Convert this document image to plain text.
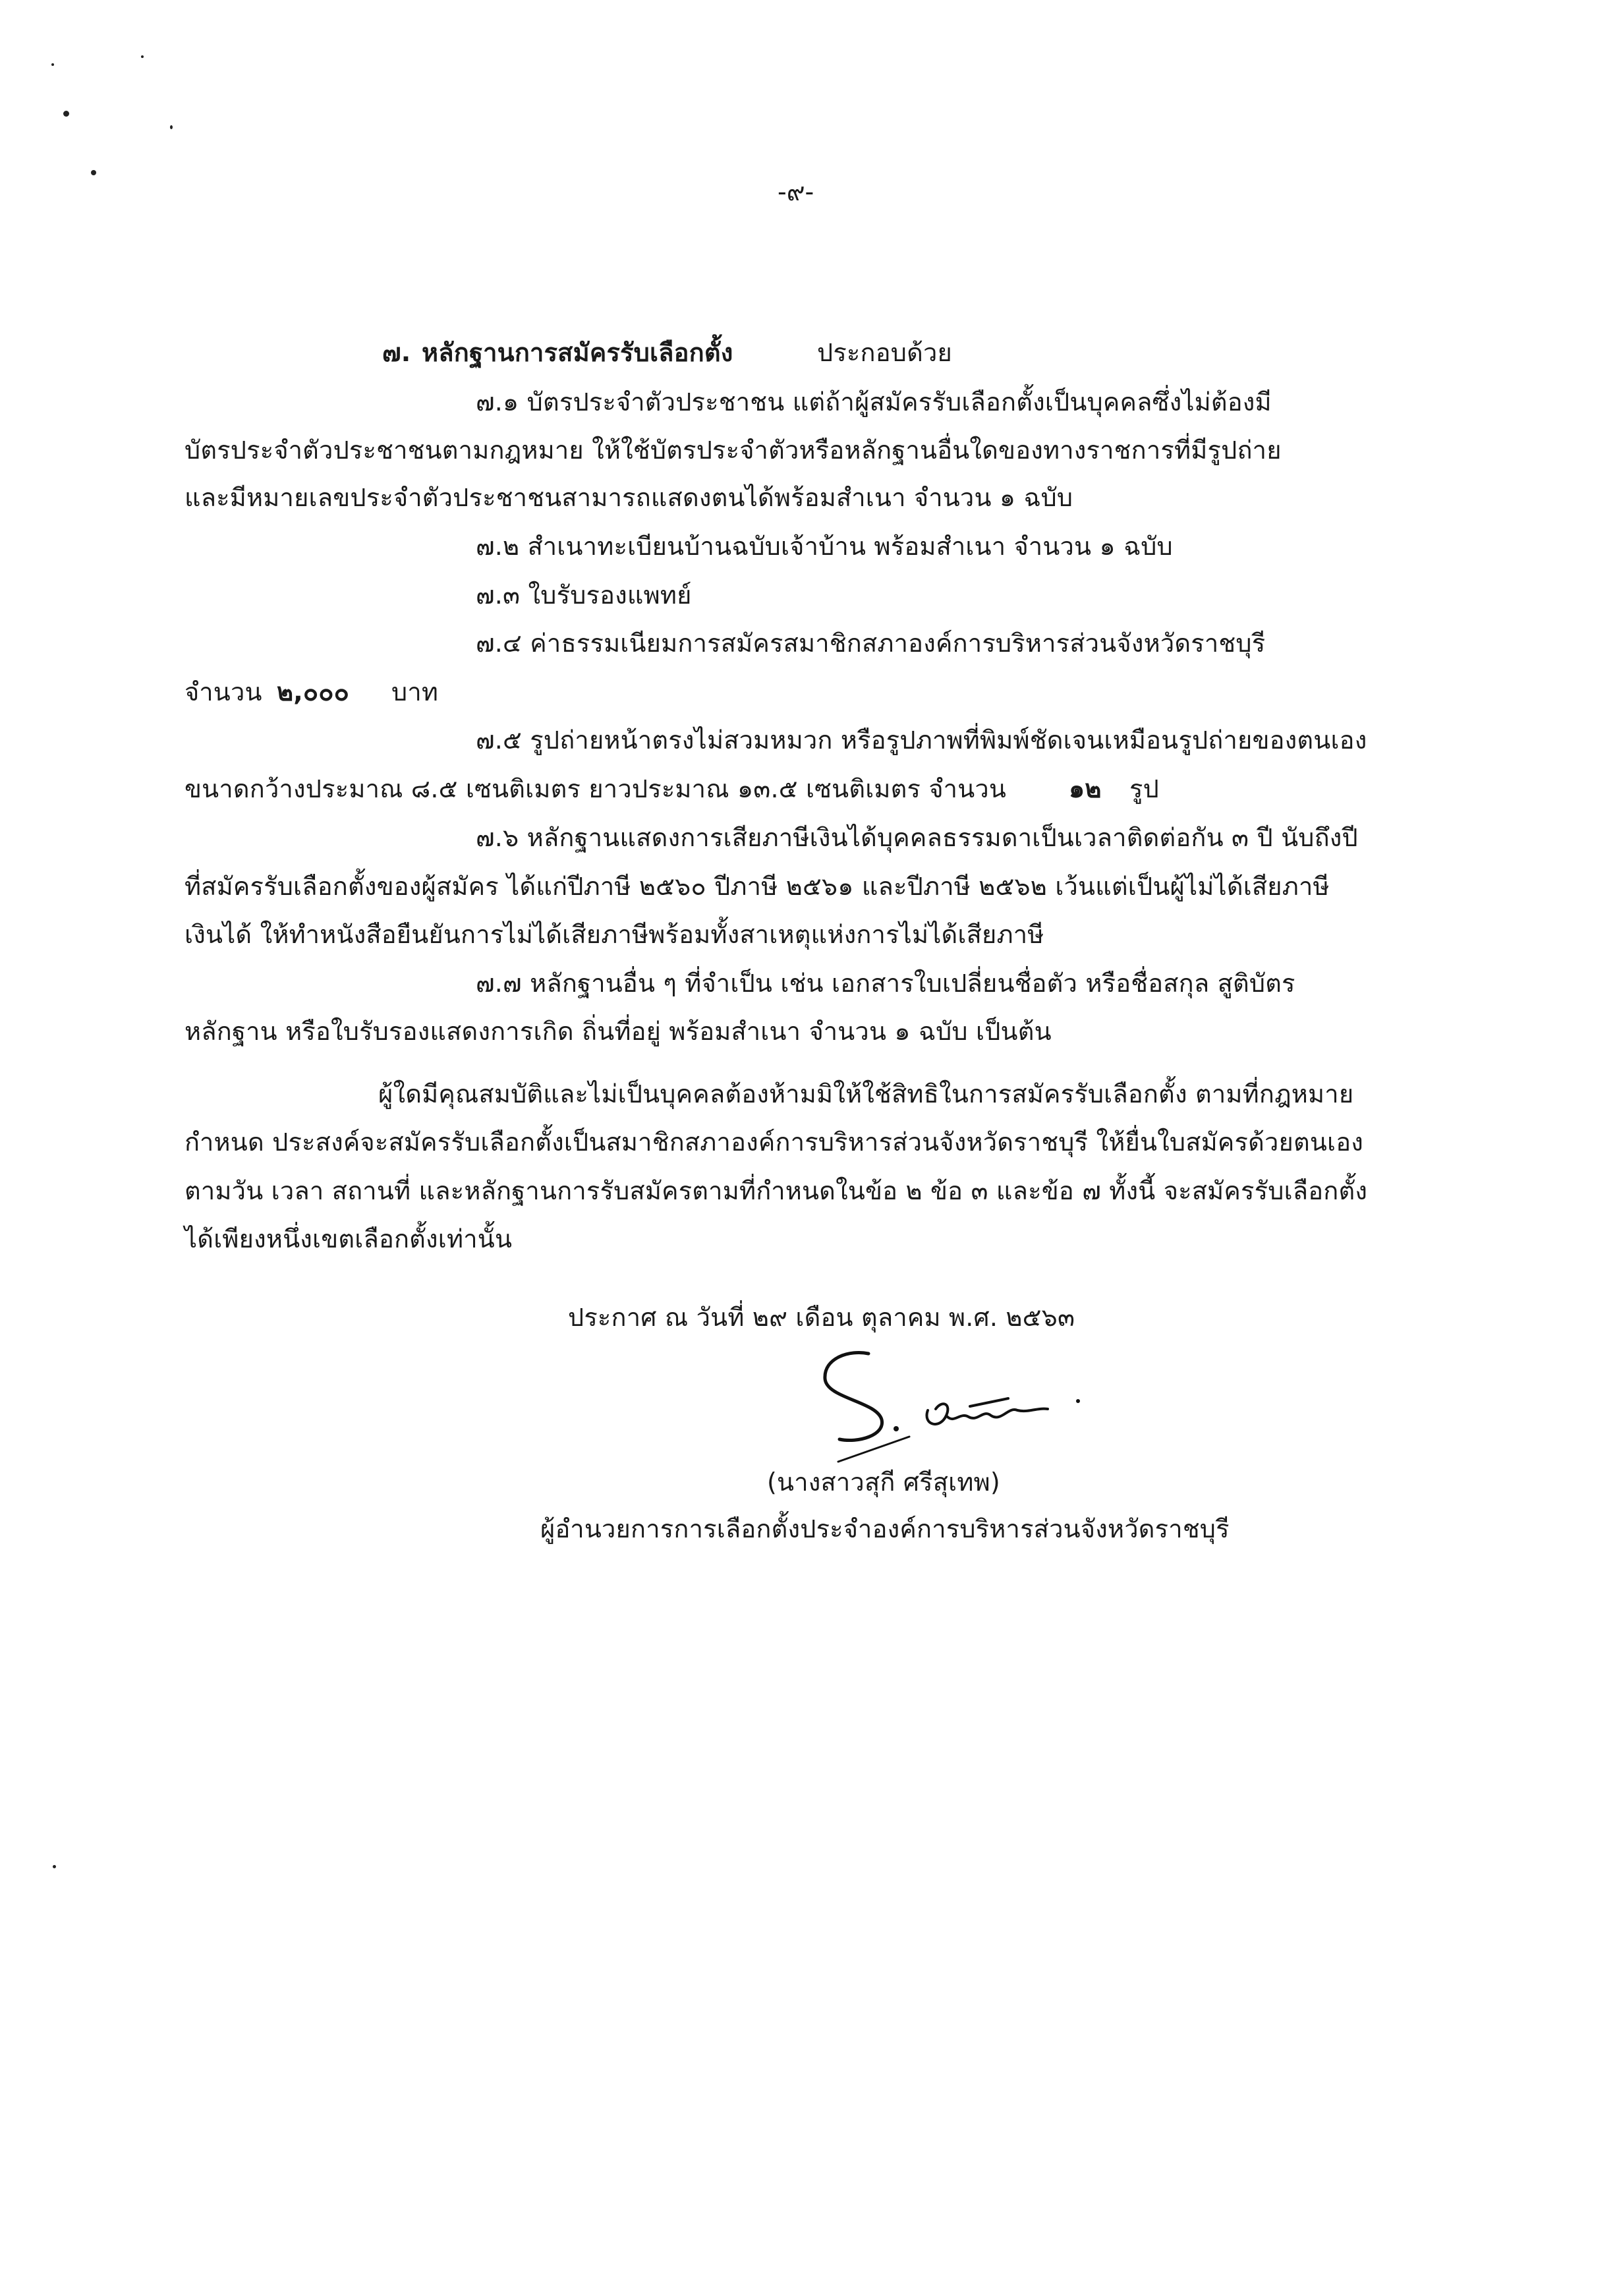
-๙-
๗. หลักฐานการสมัครรับเลือกตั้ง	ประกอบด้วย
๗.๑ บัตรประจำตัวประชาชน แต่ถ้าผู้สมัครรับเลือกตั้งเป็นบุคคลซึ่งไม่ต้องมี
บัตรประจำตัวประชาชนตามกฎหมาย ให้ใช้บัตรประจำตัวหรือหลักฐานอื่นใดของทางราชการที่มีรูปถ่าย
และมีหมายเลขประจำตัวประชาชนสามารถแสดงตนได้พร้อมสำเนา จำนวน ๑ ฉบับ
๗.๒ สำเนาทะเบียนบ้านฉบับเจ้าบ้าน พร้อมสำเนา จำนวน ๑ ฉบับ
๗.๓ ใบรับรองแพทย์
๗.๔ ค่าธรรมเนียมการสมัครสมาชิกสภาองค์การบริหารส่วนจังหวัดราชบุรี
จำนวน ๒,๐๐๐ บาท
๗.๕ รูปถ่ายหน้าตรงไม่สวมหมวก หรือรูปภาพที่พิมพ์ชัดเจนเหมือนรูปถ่ายของตนเอง
ขนาดกว้างประมาณ ๘.๕ เซนติเมตร ยาวประมาณ ๑๓.๕ เซนติเมตร จำนวน ๑๒ รูป
๗.๖ หลักฐานแสดงการเสียภาษีเงินได้บุคคลธรรมดาเป็นเวลาติดต่อกัน ๓ ปี นับถึงปี
ที่สมัครรับเลือกตั้งของผู้สมัคร ได้แก่ปีภาษี ๒๕๖๐ ปีภาษี ๒๕๖๑ และปีภาษี ๒๕๖๒ เว้นแต่เป็นผู้ไม่ได้เสียภาษี
เงินได้ ให้ทำหนังสือยืนยันการไม่ได้เสียภาษีพร้อมทั้งสาเหตุแห่งการไม่ได้เสียภาษี
๗.๗ หลักฐานอื่น ๆ ที่จำเป็น เช่น เอกสารใบเปลี่ยนชื่อตัว หรือชื่อสกุล สูติบัตร
หลักฐาน หรือใบรับรองแสดงการเกิด ถิ่นที่อยู่ พร้อมสำเนา จำนวน ๑ ฉบับ เป็นต้น
ผู้ใดมีคุณสมบัติและไม่เป็นบุคคลต้องห้ามมิให้ใช้สิทธิในการสมัครรับเลือกตั้ง ตามที่กฎหมาย
กำหนด ประสงค์จะสมัครรับเลือกตั้งเป็นสมาชิกสภาองค์การบริหารส่วนจังหวัดราชบุรี ให้ยื่นใบสมัครด้วยตนเอง
ตามวัน เวลา สถานที่ และหลักฐานการรับสมัครตามที่กำหนดในข้อ ๒ ข้อ ๓ และข้อ ๗ ทั้งนี้ จะสมัครรับเลือกตั้ง
ได้เพียงหนึ่งเขตเลือกตั้งเท่านั้น
ประกาศ ณ วันที่ ๒๙ เดือน ตุลาคม พ.ศ. ๒๕๖๓
(นางสาวสุกี ศรีสุเทพ)
ผู้อำนวยการการเลือกตั้งประจำองค์การบริหารส่วนจังหวัดราชบุรี
